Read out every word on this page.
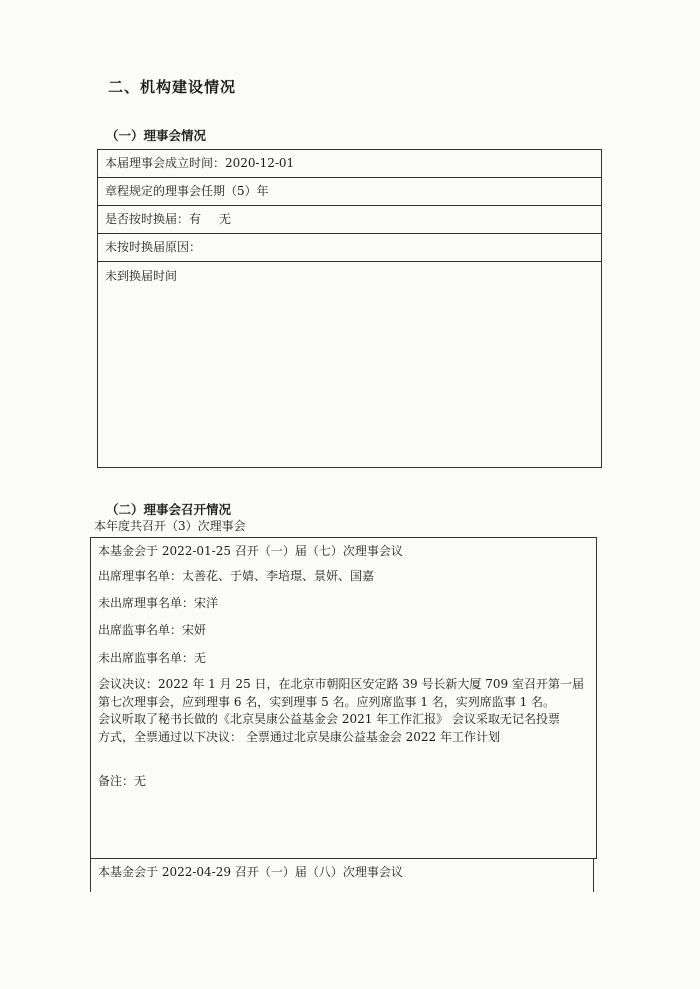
二、机构建设情况
（一）理事会情况
本届理事会成立时间：2020-12-01
章程规定的理事会任期（5）年
是否按时换届：有 无
未按时换届原因：
未到换届时间
（二）理事会召开情况
本年度共召开（3）次理事会
本基金会于 2022-01-25 召开（一）届（七）次理事会议
出席理事名单：太善花、于婧、李培璟、景妍、国嘉
未出席理事名单：宋洋
出席监事名单：宋妍
未出席监事名单：无
会议决议：2022 年 1 月 25 日，在北京市朝阳区安定路 39 号长新大厦 709 室召开第一届
第七次理事会，应到理事 6 名，实到理事 5 名。应列席监事 1 名，实列席监事 1 名。
会议听取了秘书长做的《北京昊康公益基金会 2021 年工作汇报》 会议采取无记名投票
方式，全票通过以下决议： 全票通过北京昊康公益基金会 2022 年工作计划
备注：无
本基金会于 2022-04-29 召开（一）届（八）次理事会议
